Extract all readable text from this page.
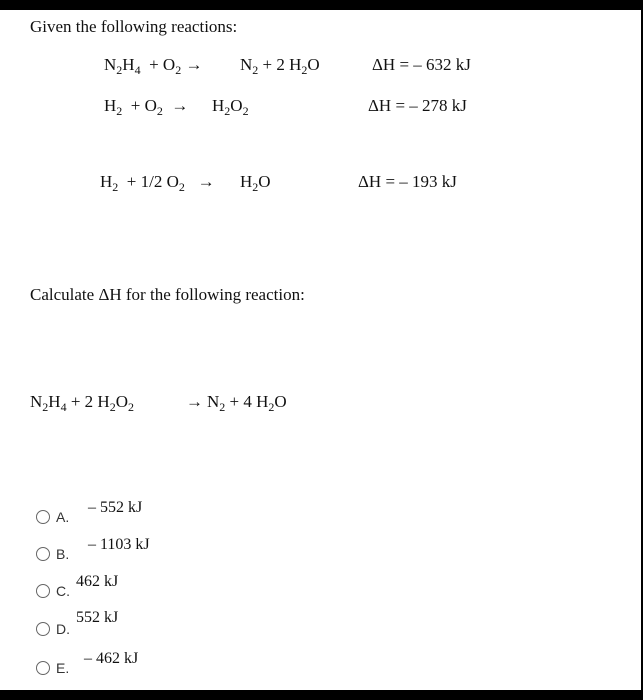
Given the following reactions:
$N_2H_4 + O_2 \to N_2 + 2$ $H_2O$	ΔH = – 632 kJ
$H_2 + O_2 \to H_2O_2$	ΔH = – 278 kJ
$H_2 + 1/2$ $O_2 \to H_2O$	ΔH = – 193 kJ
Calculate ΔH for the following reaction:
$N_2H_4 + 2$ $H_2O_2$	→ $N_2 + 4$ $H_2O$
A.
– 552 kJ
B.
– 1103 kJ
C.
462 kJ
D.
552 kJ
E.
– 462 kJ
